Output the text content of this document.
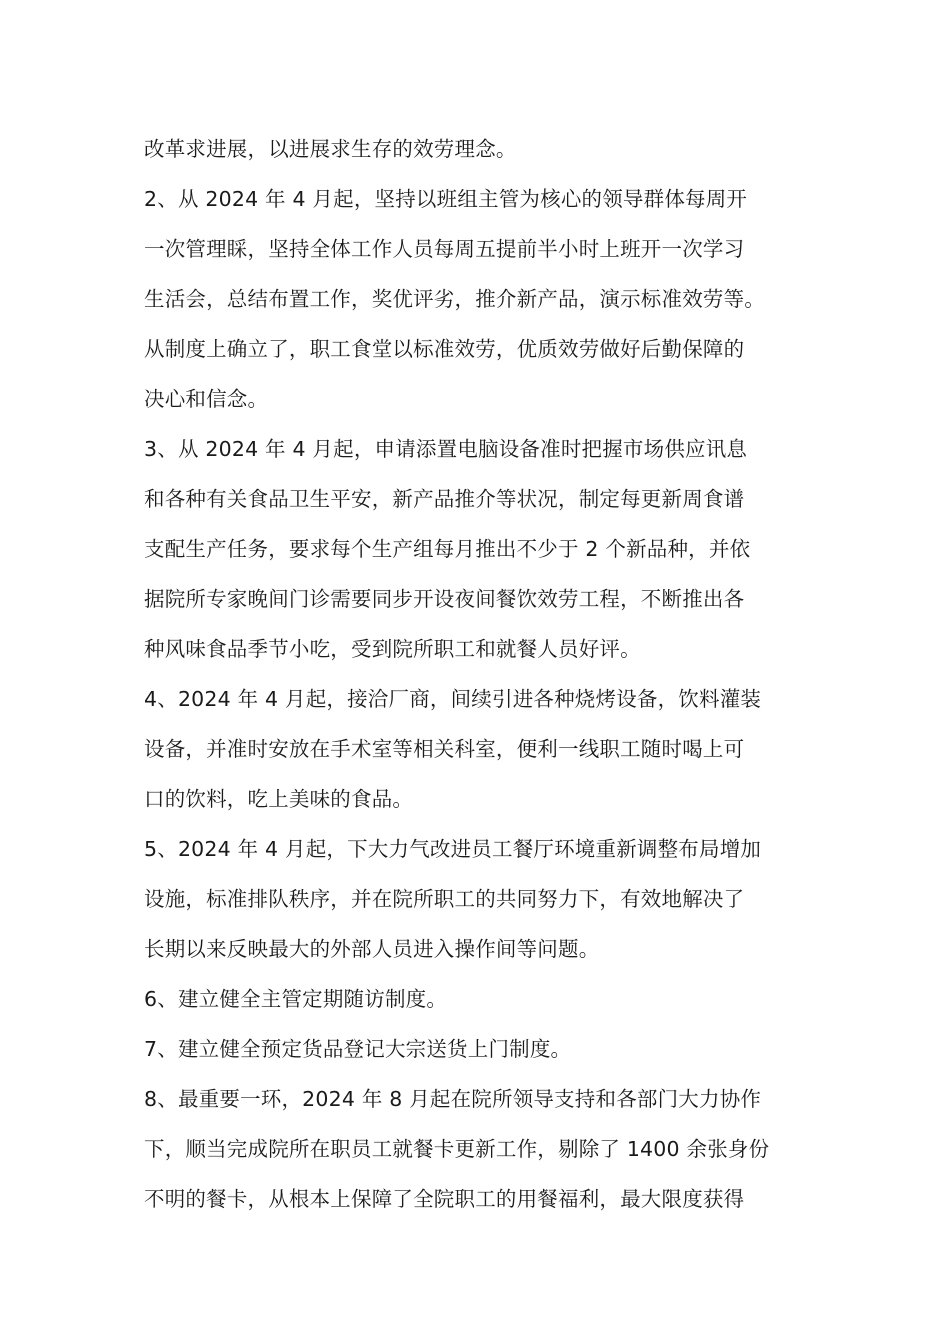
改革求进展，以进展求生存的效劳理念。
2、从 2024 年 4 月起，坚持以班组主管为核心的领导群体每周开
一次管理睬，坚持全体工作人员每周五提前半小时上班开一次学习
生活会，总结布置工作，奖优评劣，推介新产品，演示标准效劳等。
从制度上确立了，职工食堂以标准效劳，优质效劳做好后勤保障的
决心和信念。
3、从 2024 年 4 月起，申请添置电脑设备准时把握市场供应讯息
和各种有关食品卫生平安，新产品推介等状况，制定每更新周食谱
支配生产任务，要求每个生产组每月推出不少于 2 个新品种，并依
据院所专家晚间门诊需要同步开设夜间餐饮效劳工程，不断推出各
种风味食品季节小吃，受到院所职工和就餐人员好评。
4、2024 年 4 月起，接洽厂商，间续引进各种烧烤设备，饮料灌装
设备，并准时安放在手术室等相关科室，便利一线职工随时喝上可
口的饮料，吃上美味的食品。
5、2024 年 4 月起，下大力气改进员工餐厅环境重新调整布局增加
设施，标准排队秩序，并在院所职工的共同努力下，有效地解决了
长期以来反映最大的外部人员进入操作间等问题。
6、建立健全主管定期随访制度。
7、建立健全预定货品登记大宗送货上门制度。
8、最重要一环，2024 年 8 月起在院所领导支持和各部门大力协作
下，顺当完成院所在职员工就餐卡更新工作，剔除了 1400 余张身份
不明的餐卡，从根本上保障了全院职工的用餐福利，最大限度获得
